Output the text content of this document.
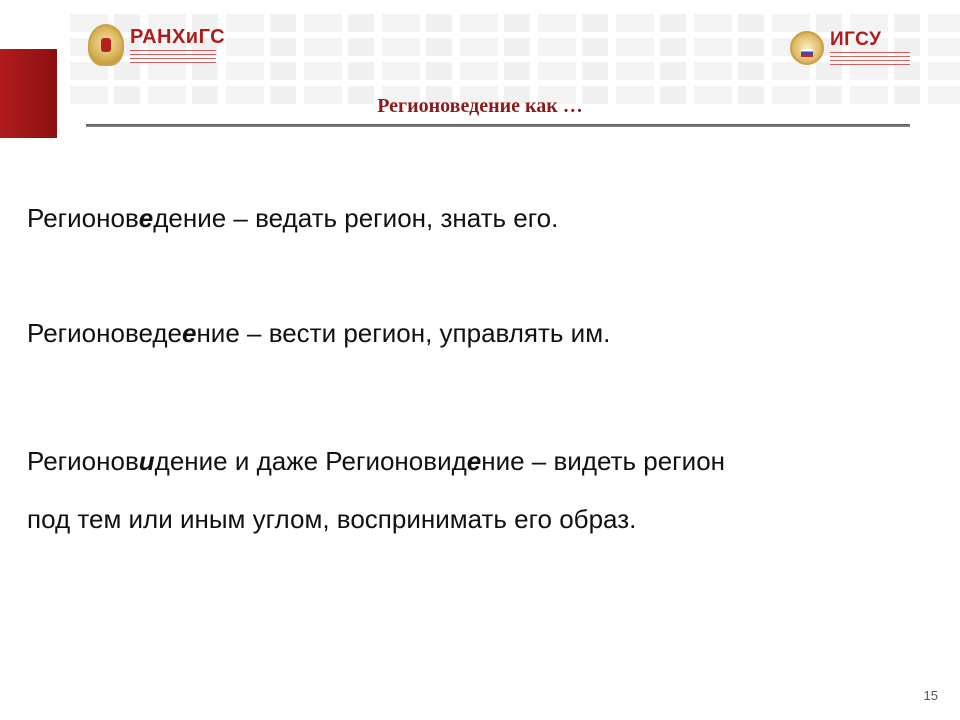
РАНХиГС	ИГСУ
Регионоведение как …

Регионоведение – ведать регион, знать его.

Регионоведеение – вести регион, управлять им.

Регионовидение и даже Регионовидение – видеть регион
под тем или иным углом, воспринимать его образ.

15
